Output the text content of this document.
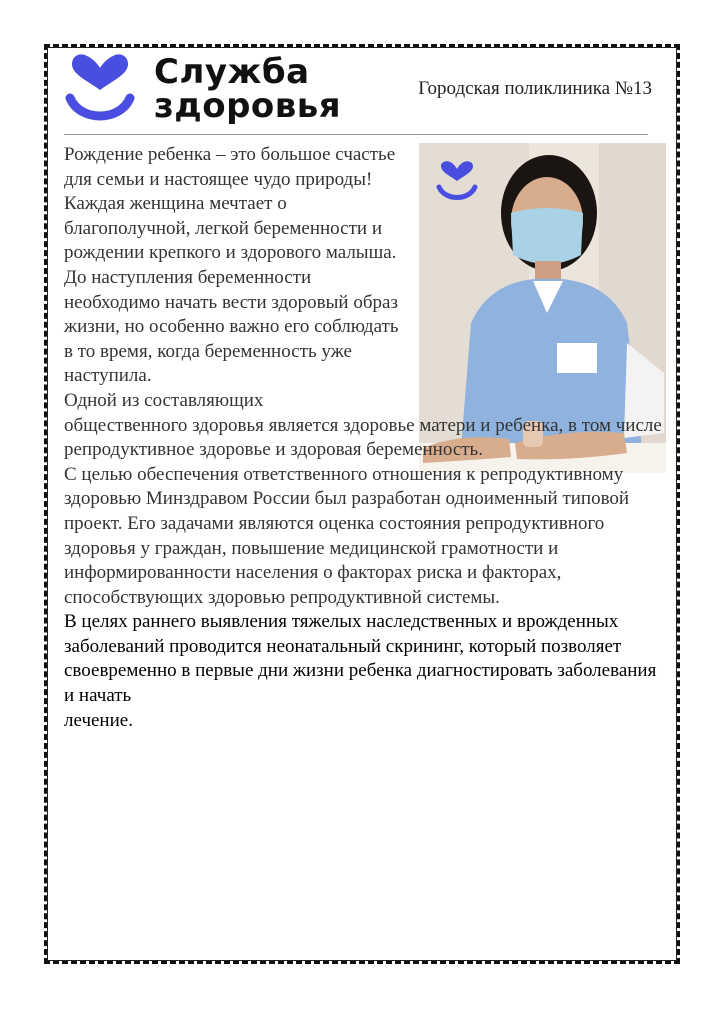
Служба
здоровья	Городская поликлиника №13

Рождение ребенка – это большое счастье для семьи и настоящее чудо природы!

Каждая женщина мечтает о благополучной, легкой беременности и рождении крепкого и здорового малыша. До наступления беременности необходимо начать вести здоровый образ жизни, но особенно важно его соблюдать в то время, когда беременность уже наступила.

Одной из составляющих

общественного здоровья является здоровье матери и ребенка, в том числе репродуктивное здоровье и здоровая беременность.

С целью обеспечения ответственного отношения к репродуктивному здоровью Минздравом России был разработан одноименный типовой проект. Его задачами являются оценка состояния репродуктивного здоровья у граждан, повышение медицинской грамотности и информированности населения о факторах риска и факторах, способствующих здоровью репродуктивной системы.

В целях раннего выявления тяжелых наследственных и врожденных заболеваний проводится неонатальный скрининг, который позволяет своевременно в первые дни жизни ребенка диагностировать заболевания и начать

лечение.
